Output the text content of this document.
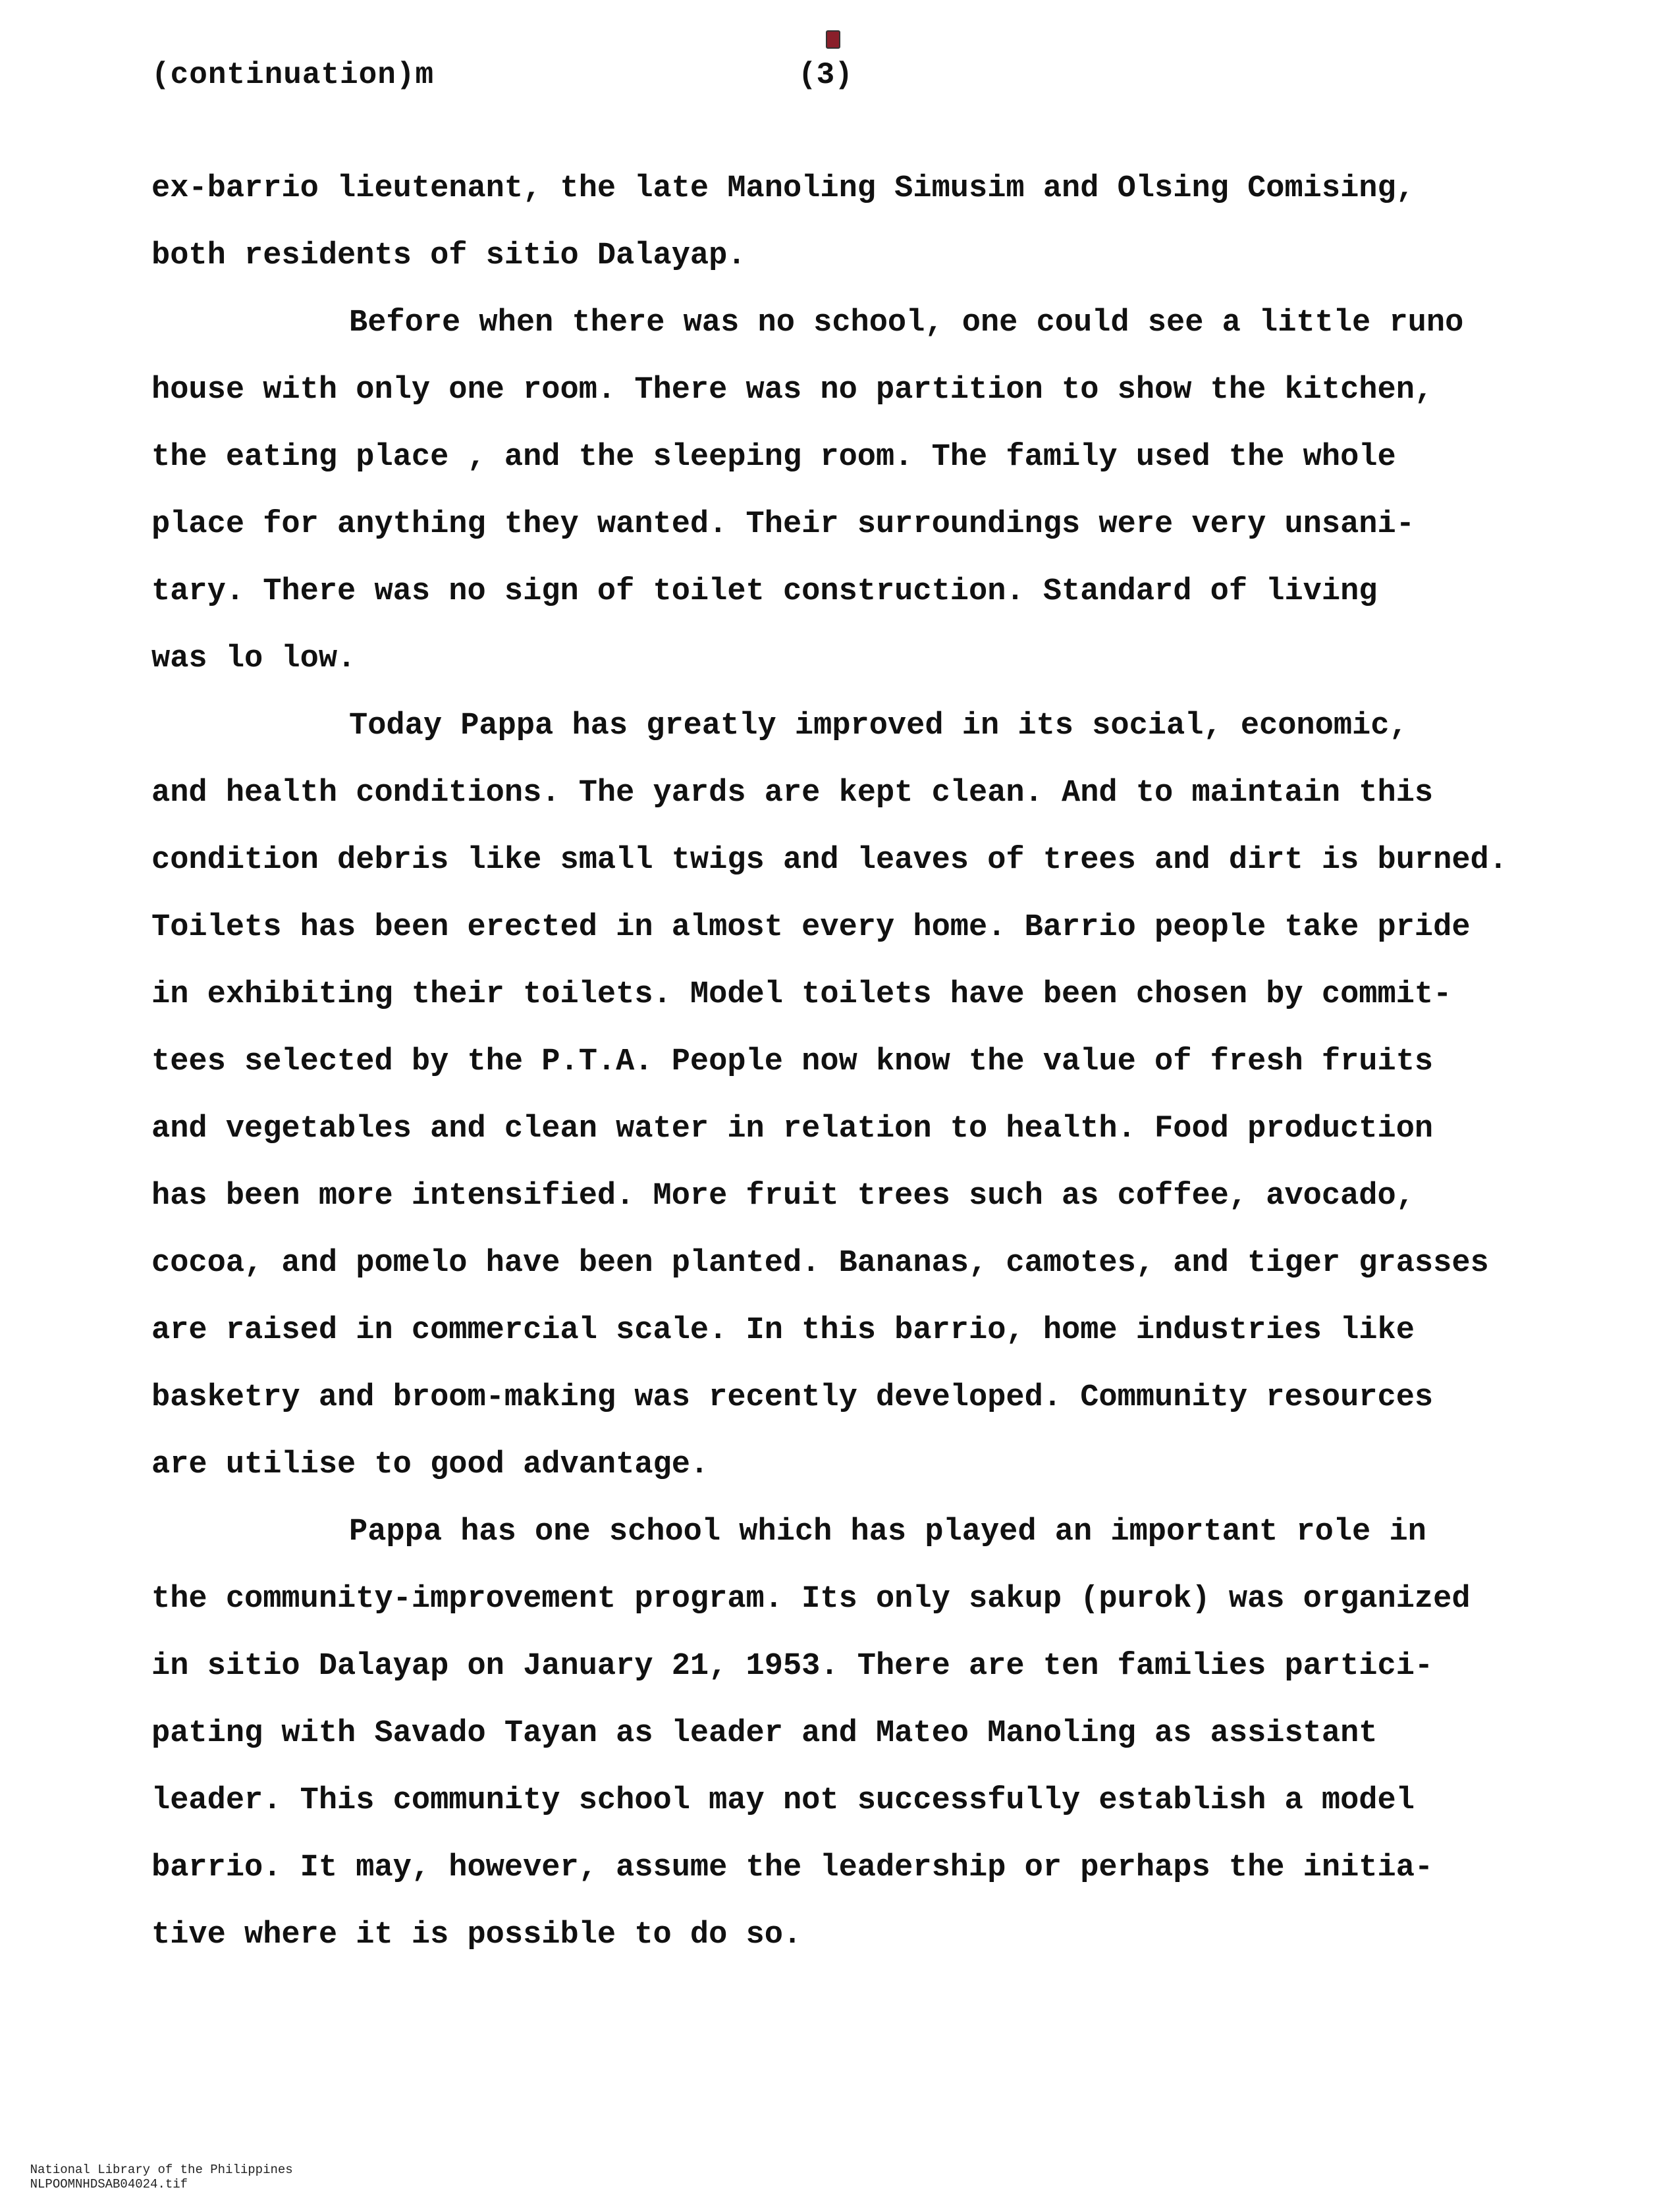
(continuation)m	(3)
ex-barrio lieutenant, the late Manoling Simusim and Olsing Comising,
both residents of sitio Dalayap.
Before when there was no school, one could see a little runo
house with only one room. There was no partition to show the kitchen,
the eating place , and the sleeping room. The family used the whole
place for anything they wanted. Their surroundings were very unsani-
tary. There was no sign of toilet construction. Standard of living
was lo low.
Today Pappa has greatly improved in its social, economic,
and health conditions. The yards are kept clean. And to maintain this
condition debris like small twigs and leaves of trees and dirt is burned.
Toilets has been erected in almost every home. Barrio people take pride
in exhibiting their toilets. Model toilets have been chosen by commit-
tees selected by the P.T.A. People now know the value of fresh fruits
and vegetables and clean water in relation to health. Food production
has been more intensified. More fruit trees such as coffee, avocado,
cocoa, and pomelo have been planted. Bananas, camotes, and tiger grasses
are raised in commercial scale. In this barrio, home industries like
basketry and broom-making was recently developed. Community resources
are utilise to good advantage.
Pappa has one school which has played an important role in
the community-improvement program. Its only sakup (purok) was organized
in sitio Dalayap on January 21, 1953. There are ten families partici-
pating with Savado Tayan as leader and Mateo Manoling as assistant
leader. This community school may not successfully establish a model
barrio. It may, however, assume the leadership or perhaps the initia-
tive where it is possible to do so.

National Library of the Philippines
NLPOOMNHDSAB04024.tif
